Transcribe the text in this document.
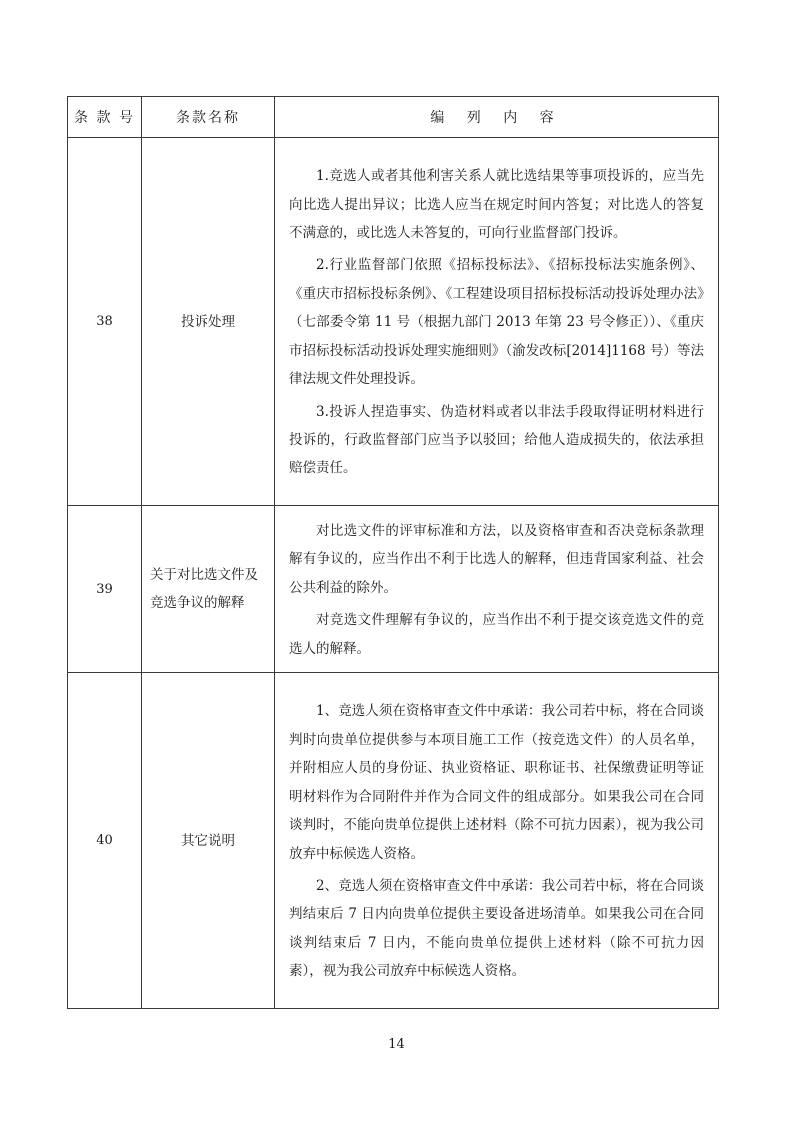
条 款 号	条款名称	编 列 内 容
38	投诉处理	1.竞选人或者其他利害关系人就比选结果等事项投诉的，应当先向比选人提出异议；比选人应当在规定时间内答复；对比选人的答复不满意的，或比选人未答复的，可向行业监督部门投诉。

2.行业监督部门依照《招标投标法》、《招标投标法实施条例》、《重庆市招标投标条例》、《工程建设项目招标投标活动投诉处理办法》（七部委令第 11 号（根据九部门 2013 年第 23 号令修正））、《重庆市招标投标活动投诉处理实施细则》（渝发改标[2014]1168 号）等法律法规文件处理投诉。

3.投诉人捏造事实、伪造材料或者以非法手段取得证明材料进行投诉的，行政监督部门应当予以驳回；给他人造成损失的，依法承担赔偿责任。

39	关于对比选文件及竞选争议的解释	对比选文件的评审标准和方法，以及资格审查和否决竞标条款理解有争议的，应当作出不利于比选人的解释，但违背国家利益、社会公共利益的除外。

对竞选文件理解有争议的，应当作出不利于提交该竞选文件的竞选人的解释。

40	其它说明	1、竞选人须在资格审查文件中承诺：我公司若中标，将在合同谈判时向贵单位提供参与本项目施工工作（按竞选文件）的人员名单，并附相应人员的身份证、执业资格证、职称证书、社保缴费证明等证明材料作为合同附件并作为合同文件的组成部分。如果我公司在合同谈判时，不能向贵单位提供上述材料（除不可抗力因素），视为我公司放弃中标候选人资格。

2、竞选人须在资格审查文件中承诺：我公司若中标，将在合同谈判结束后 7 日内向贵单位提供主要设备进场清单。如果我公司在合同谈判结束后 7 日内，不能向贵单位提供上述材料（除不可抗力因素），视为我公司放弃中标候选人资格。

14
